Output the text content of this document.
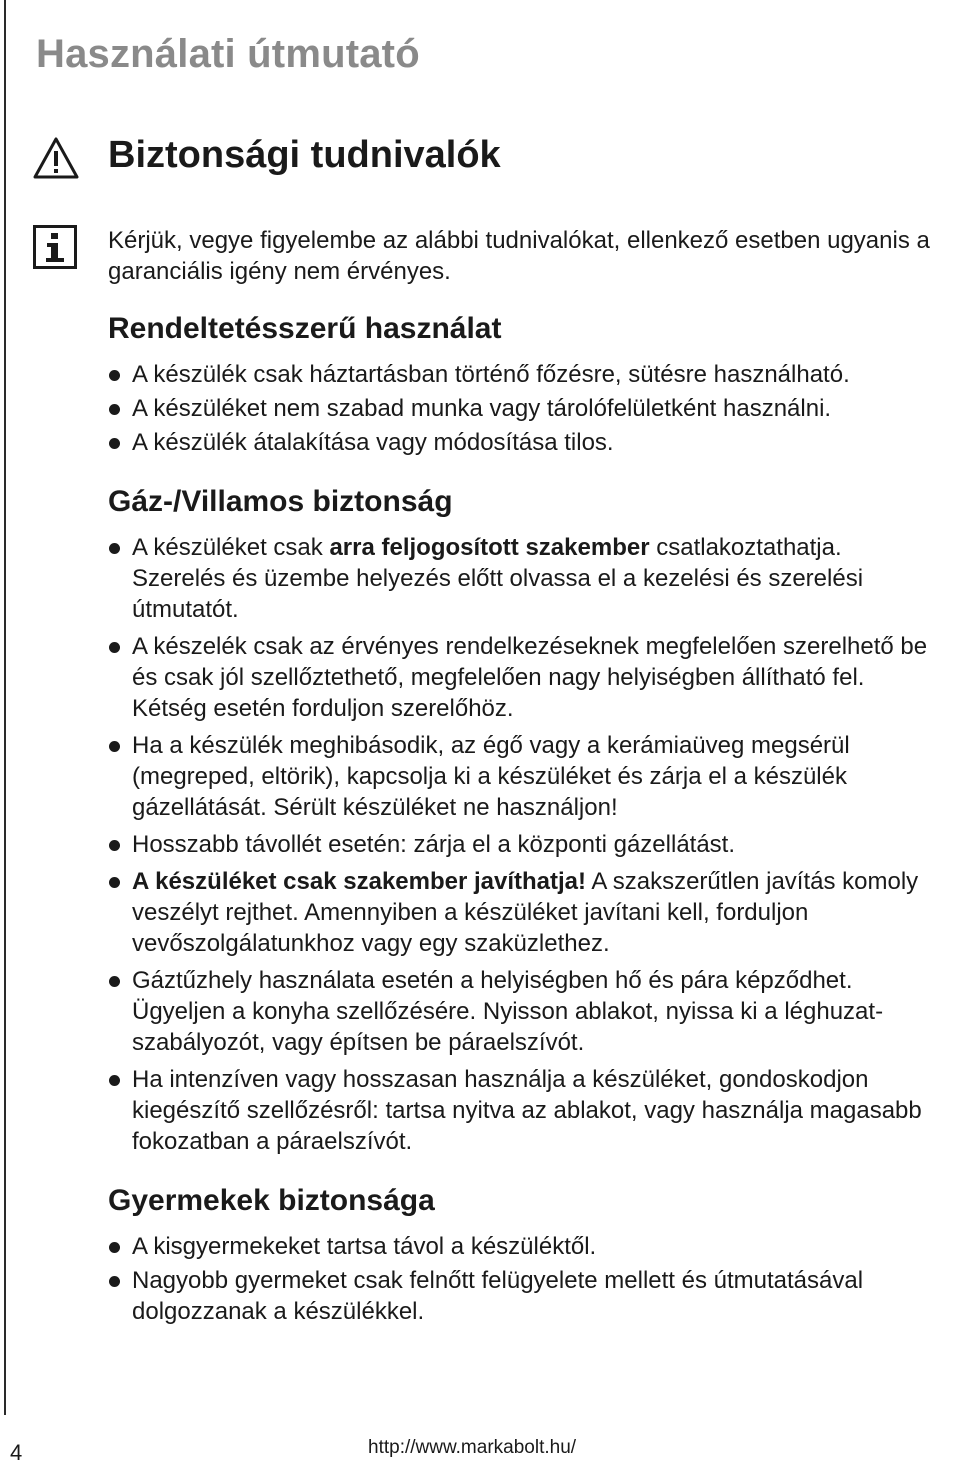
Használati útmutató
Biztonsági tudnivalók

Kérjük, vegye figyelembe az alábbi tudnivalókat, ellenkező esetben ugyanis a garanciális igény nem érvényes.

Rendeltetésszerű használat
A készülék csak háztartásban történő főzésre, sütésre használható.
A készüléket nem szabad munka vagy tárolófelületként használni.
A készülék átalakítása vagy módosítása tilos.
Gáz-/Villamos biztonság
A készüléket csak arra feljogosított szakember csatlakoztathatja. Szerelés és üzembe helyezés előtt olvassa el a kezelési és szerelési útmutatót.
A készelék csak az érvényes rendelkezéseknek megfelelően szerelhető be és csak jól szellőztethető, megfelelően nagy helyiségben állítható fel. Kétség esetén forduljon szerelőhöz.
Ha a készülék meghibásodik, az égő vagy a kerámiaüveg megsérül (megreped, eltörik), kapcsolja ki a készüléket és zárja el a készülék gázellátását. Sérült készüléket ne használjon!
Hosszabb távollét esetén: zárja el a központi gázellátást.
A készüléket csak szakember javíthatja! A szakszerűtlen javítás komoly veszélyt rejthet. Amennyiben a készüléket javítani kell, forduljon vevőszolgálatunkhoz vagy egy szaküzlethez.
Gáztűzhely használata esetén a helyiségben hő és pára képződhet. Ügyeljen a konyha szellőzésére. Nyisson ablakot, nyissa ki a léghuzat-szabályozót, vagy építsen be páraelszívót.
Ha intenzíven vagy hosszasan használja a készüléket, gondoskodjon kiegészítő szellőzésről: tartsa nyitva az ablakot, vagy használja magasabb fokozatban a páraelszívót.
Gyermekek biztonsága
A kisgyermekeket tartsa távol a készüléktől.
Nagyobb gyermeket csak felnőtt felügyelete mellett és útmutatásával dolgozzanak a készülékkel.
4	http://www.markabolt.hu/
